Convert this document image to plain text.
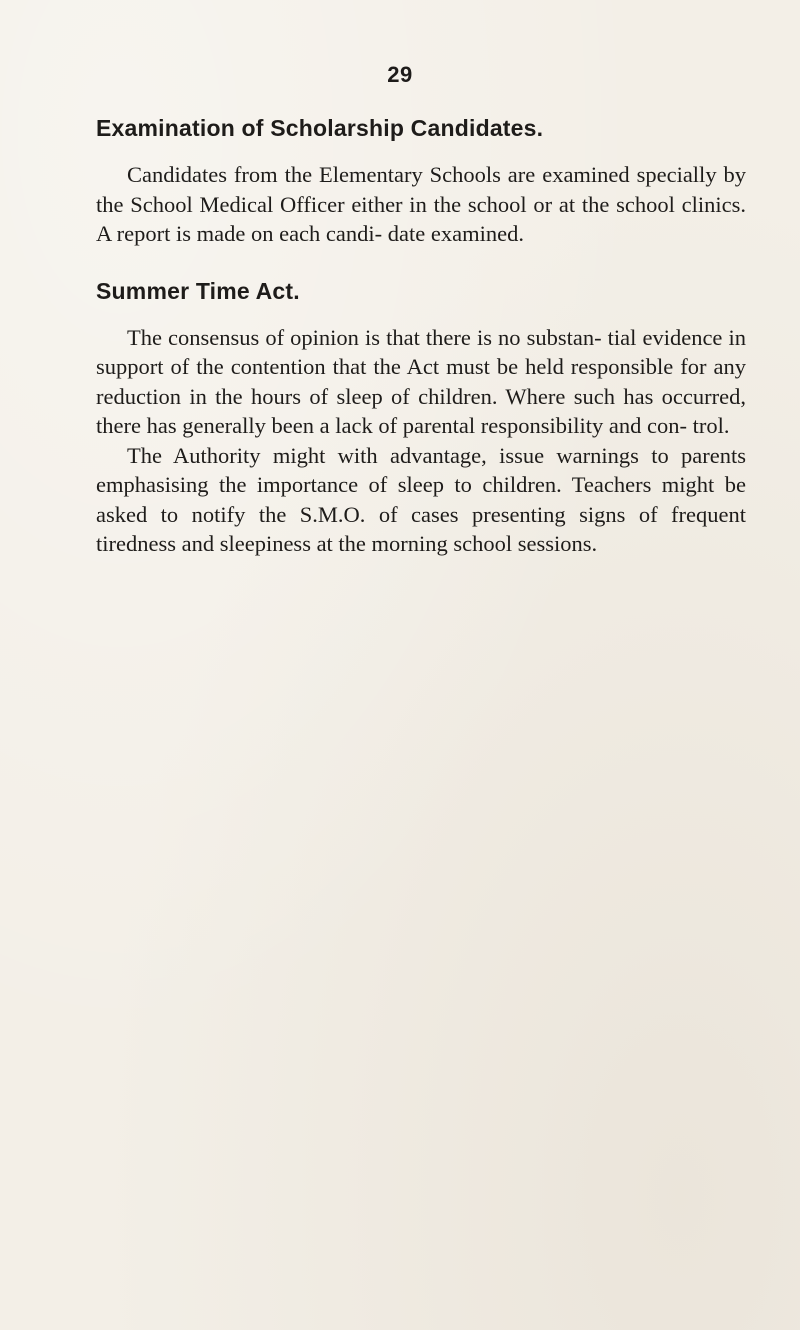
29
Examination of Scholarship Candidates.

Candidates from the Elementary Schools are examined specially by the School Medical Officer either in the school or at the school clinics. A report is made on each candi- date examined.

Summer Time Act.

The consensus of opinion is that there is no substan- tial evidence in support of the contention that the Act must be held responsible for any reduction in the hours of sleep of children. Where such has occurred, there has generally been a lack of parental responsibility and con- trol.

The Authority might with advantage, issue warnings to parents emphasising the importance of sleep to children. Teachers might be asked to notify the S.M.O. of cases presenting signs of frequent tiredness and sleepiness at the morning school sessions.
